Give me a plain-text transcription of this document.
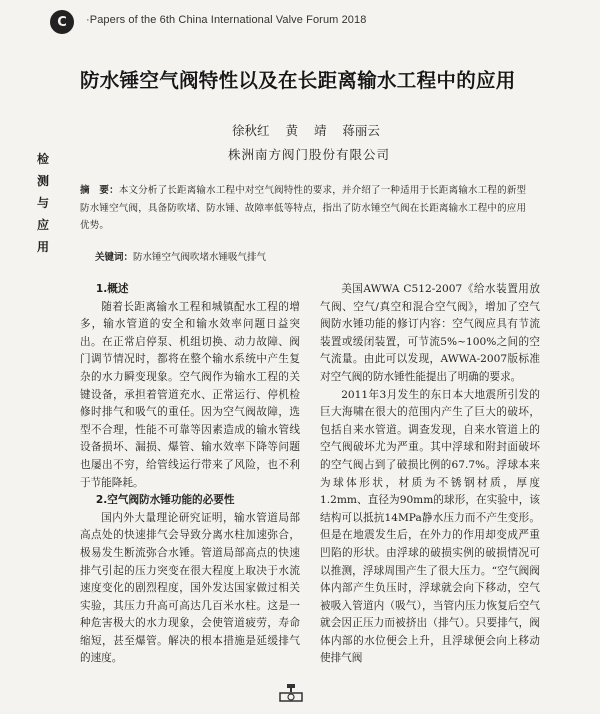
C	·Papers of the 6th China International Valve Forum 2018
防水锤空气阀特性以及在长距离输水工程中的应用
徐秋红 黄 靖 蒋丽云
株洲南方阀门股份有限公司
检
测
与
应
用
摘　要：本文分析了长距离输水工程中对空气阀特性的要求，并介绍了一种适用于长距离输水工程的新型防水锤空气阀，具备防吹堵、防水锤、故障率低等特点，指出了防水锤空气阀在长距离输水工程中的应用优势。
关键词：防水锤空气阀吹堵水锤吸气排气
1.概述

随着长距离输水工程和城镇配水工程的增多，输水管道的安全和输水效率问题日益突出。在正常启停泵、机组切换、动力故障、阀门调节情况时，都将在整个输水系统中产生复杂的水力瞬变现象。空气阀作为输水工程的关键设备，承担着管道充水、正常运行、停机检修时排气和吸气的重任。因为空气阀故障，选型不合理，性能不可靠等因素造成的输水管线设备损坏、漏损、爆管、输水效率下降等问题也屡出不穷，给管线运行带来了风险，也不利于节能降耗。

2.空气阀防水锤功能的必要性

国内外大量理论研究证明，输水管道局部高点处的快速排气会导致分离水柱加速弥合，极易发生断流弥合水锤。管道局部高点的快速排气引起的压力突变在很大程度上取决于水流速度变化的剧烈程度，国外发达国家做过相关实验，其压力升高可高达几百米水柱。这是一种危害极大的水力现象，会使管道疲劳，寿命缩短，甚至爆管。解决的根本措施是延缓排气的速度。

美国AWWA C512-2007《给水装置用放气阀、空气/真空和混合空气阀》，增加了空气阀防水锤功能的修订内容：空气阀应具有节流装置或缓闭装置，可节流5%~100%之间的空气流量。由此可以发现，AWWA-2007版标准对空气阀的防水锤性能提出了明确的要求。

2011年3月发生的东日本大地震所引发的巨大海啸在很大的范围内产生了巨大的破坏，包括自来水管道。调查发现，自来水管道上的空气阀破坏尤为严重。其中浮球和附封面破坏的空气阀占到了破损比例的67.7%。浮球本来为球体形状，材质为不锈钢材质，厚度1.2mm、直径为90mm的球形，在实验中，该结构可以抵抗14MPa静水压力而不产生变形。但是在地震发生后，在外力的作用却变成严重凹陷的形状。由浮球的破损实例的破损情况可以推测，浮球周围产生了很大压力。“空气阀阀体内部产生负压时，浮球就会向下移动，空气被吸入管道内（吸气），当管内压力恢复后空气就会因正压力而被挤出（排气）。只要排气，阀体内部的水位便会上升，且浮球便会向上移动使排气阀
